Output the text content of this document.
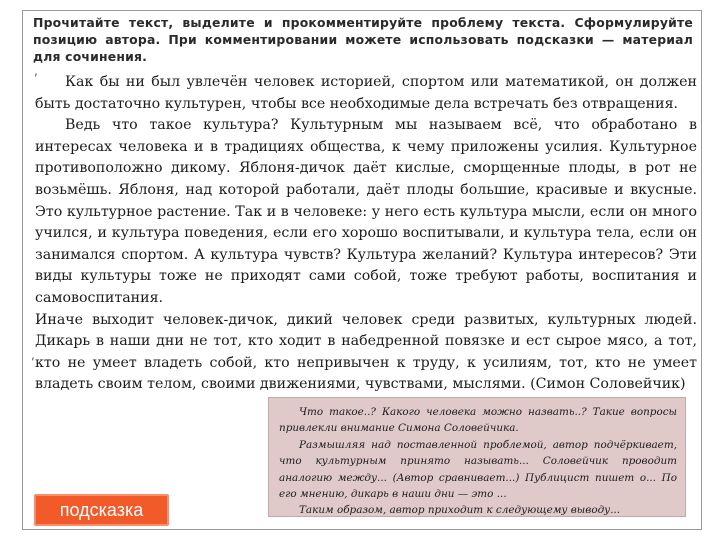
Прочитайте текст, выделите и прокомментируйте проблему текста. Сформулируйте позицию автора. При комментировании можете использовать подсказки — материал для сочинения.

,
,

Как бы ни был увлечён человек историей, спортом или математикой, он должен быть достаточно культурен, чтобы все необходимые дела встречать без отвращения.

Ведь что такое культура? Культурным мы называем всё, что обработано в интересах человека и в традициях общества, к чему приложены усилия. Культурное противоположно дикому. Яблоня-дичок даёт кислые, сморщенные плоды, в рот не возьмёшь. Яблоня, над которой работали, даёт плоды большие, красивые и вкусные. Это культурное растение. Так и в человеке: у него есть культура мысли, если он много учился, и культура поведения, если его хорошо воспитывали, и культура тела, если он занимался спортом. А культура чувств? Культура желаний? Культура интересов? Эти виды культуры тоже не приходят сами собой, тоже требуют работы, воспитания и самовоспитания.

Иначе выходит человек-дичок, дикий человек среди развитых, культурных людей. Дикарь в наши дни не тот, кто ходит в набедренной повязке и ест сырое мясо, а тот, кто не умеет владеть собой, кто непривычен к труду, к усилиям, тот, кто не умеет владеть своим телом, своими движениями, чувствами, мыслями. (Симон Соловейчик)

подсказка

Что такое..? Какого человека можно назвать..? Такие вопросы привлекли внимание Симона Соловейчика.

Размышляя над поставленной проблемой, автор подчёркивает, что культурным принято называть... Соловейчик проводит аналогию между... (Автор сравнивает...) Публицист пишет о... По его мнению, дикарь в наши дни — это ...

Таким образом, автор приходит к следующему выводу...
